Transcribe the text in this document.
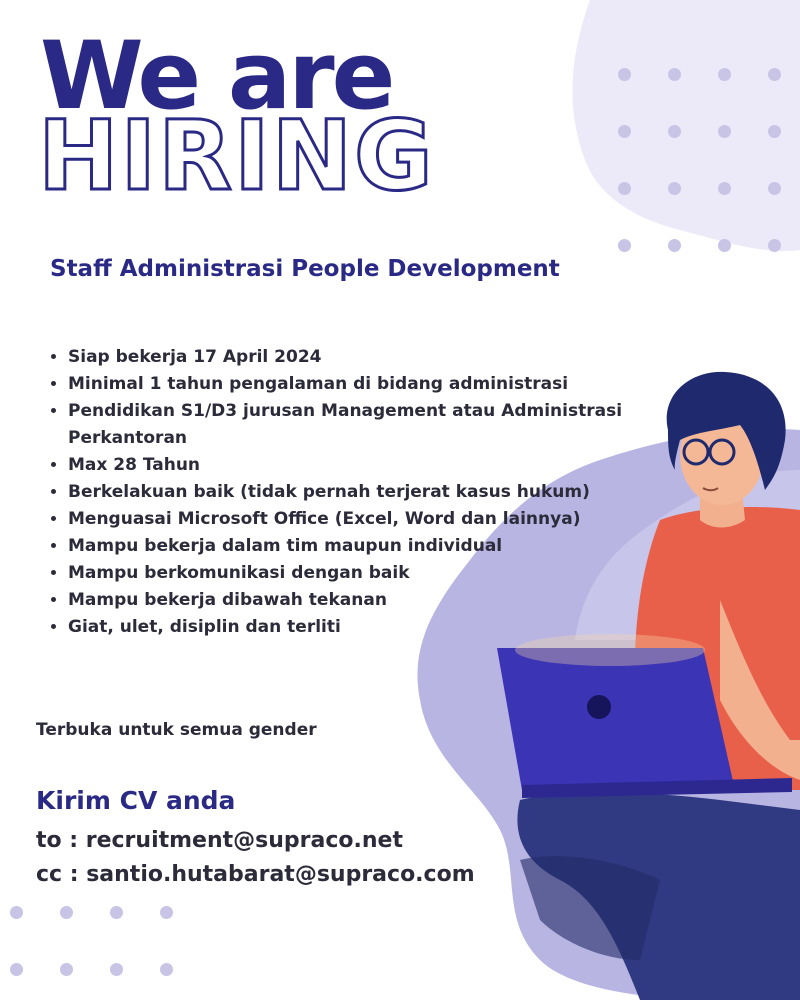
We are
HIRING
Staff Administrasi People Development
• Siap bekerja 17 April 2024
• Minimal 1 tahun pengalaman di bidang administrasi
• Pendidikan S1/D3 jurusan Management atau Administrasi Perkantoran
• Max 28 Tahun
• Berkelakuan baik (tidak pernah terjerat kasus hukum)
• Menguasai Microsoft Office (Excel, Word dan lainnya)
• Mampu bekerja dalam tim maupun individual
• Mampu berkomunikasi dengan baik
• Mampu bekerja dibawah tekanan
• Giat, ulet, disiplin dan terliti
Terbuka untuk semua gender
Kirim CV anda
to : recruitment@supraco.net
cc : santio.hutabarat@supraco.com
